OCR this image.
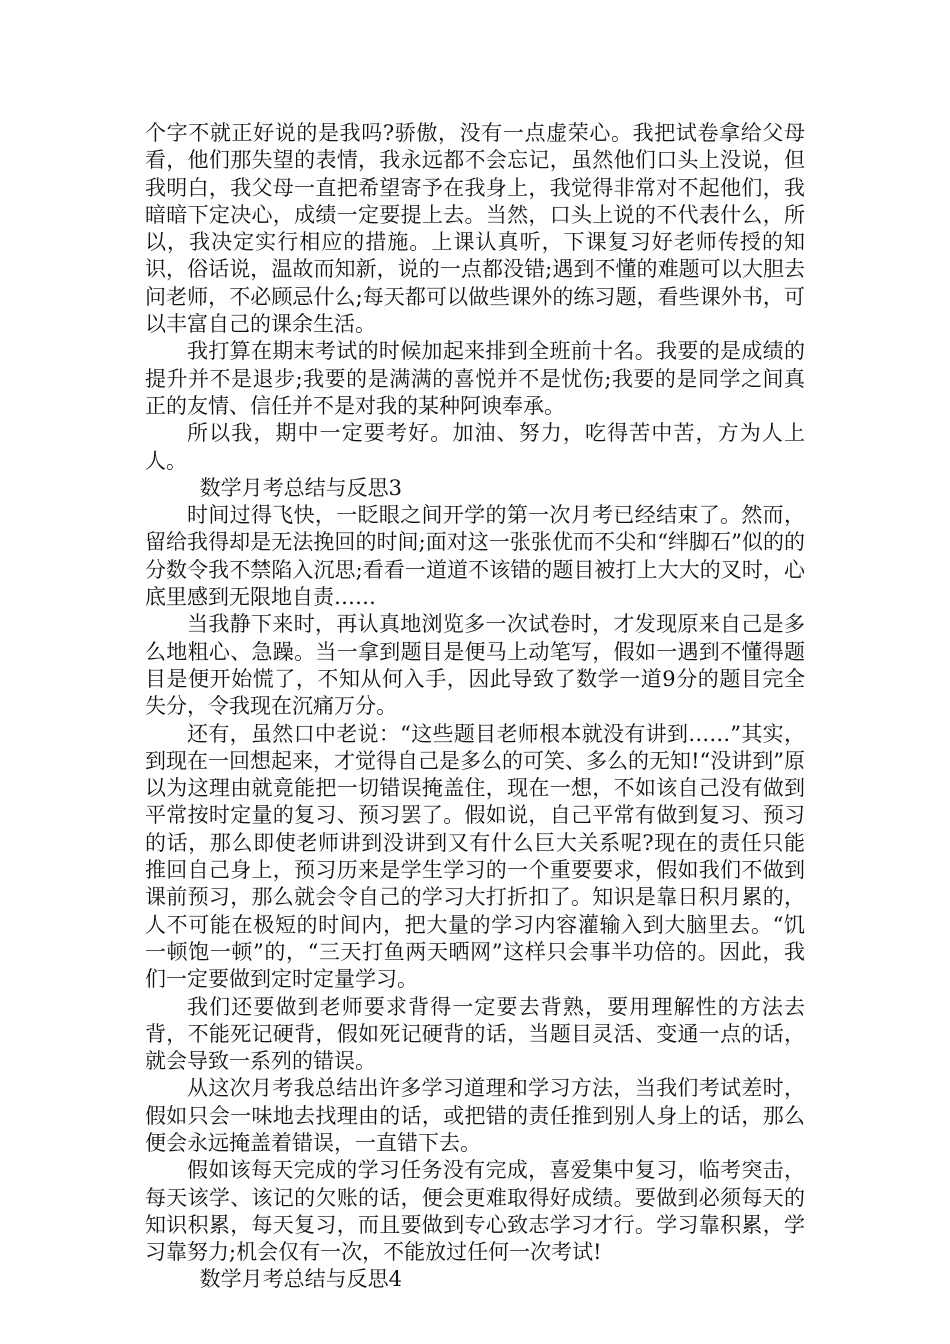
个字不就正好说的是我吗?骄傲，没有一点虚荣心。我把试卷拿给父母看，他们那失望的表情，我永远都不会忘记，虽然他们口头上没说，但我明白，我父母一直把希望寄予在我身上，我觉得非常对不起他们，我暗暗下定决心，成绩一定要提上去。当然，口头上说的不代表什么，所以，我决定实行相应的措施。上课认真听，下课复习好老师传授的知识，俗话说，温故而知新，说的一点都没错;遇到不懂的难题可以大胆去问老师，不必顾忌什么;每天都可以做些课外的练习题，看些课外书，可以丰富自己的课余生活。

我打算在期末考试的时候加起来排到全班前十名。我要的是成绩的提升并不是退步;我要的是满满的喜悦并不是忧伤;我要的是同学之间真正的友情、信任并不是对我的某种阿谀奉承。

所以我，期中一定要考好。加油、努力，吃得苦中苦，方为人上人。

数学月考总结与反思3

时间过得飞快，一眨眼之间开学的第一次月考已经结束了。然而，留给我得却是无法挽回的时间;面对这一张张优而不尖和“绊脚石”似的的分数令我不禁陷入沉思;看看一道道不该错的题目被打上大大的叉时，心底里感到无限地自责……

当我静下来时，再认真地浏览多一次试卷时，才发现原来自己是多么地粗心、急躁。当一拿到题目是便马上动笔写，假如一遇到不懂得题目是便开始慌了，不知从何入手，因此导致了数学一道9分的题目完全失分，令我现在沉痛万分。

还有，虽然口中老说：“这些题目老师根本就没有讲到……”其实，到现在一回想起来，才觉得自己是多么的可笑、多么的无知!“没讲到”原以为这理由就竟能把一切错误掩盖住，现在一想，不如该自己没有做到平常按时定量的复习、预习罢了。假如说，自己平常有做到复习、预习的话，那么即使老师讲到没讲到又有什么巨大关系呢?现在的责任只能推回自己身上，预习历来是学生学习的一个重要要求，假如我们不做到课前预习，那么就会令自己的学习大打折扣了。知识是靠日积月累的，人不可能在极短的时间内，把大量的学习内容灌输入到大脑里去。“饥一顿饱一顿”的，“三天打鱼两天晒网”这样只会事半功倍的。因此，我们一定要做到定时定量学习。

我们还要做到老师要求背得一定要去背熟，要用理解性的方法去背，不能死记硬背，假如死记硬背的话，当题目灵活、变通一点的话，就会导致一系列的错误。

从这次月考我总结出许多学习道理和学习方法，当我们考试差时，假如只会一味地去找理由的话，或把错的责任推到别人身上的话，那么便会永远掩盖着错误，一直错下去。

假如该每天完成的学习任务没有完成，喜爱集中复习，临考突击，每天该学、该记的欠账的话，便会更难取得好成绩。要做到必须每天的知识积累，每天复习，而且要做到专心致志学习才行。学习靠积累，学习靠努力;机会仅有一次，不能放过任何一次考试!

数学月考总结与反思4
